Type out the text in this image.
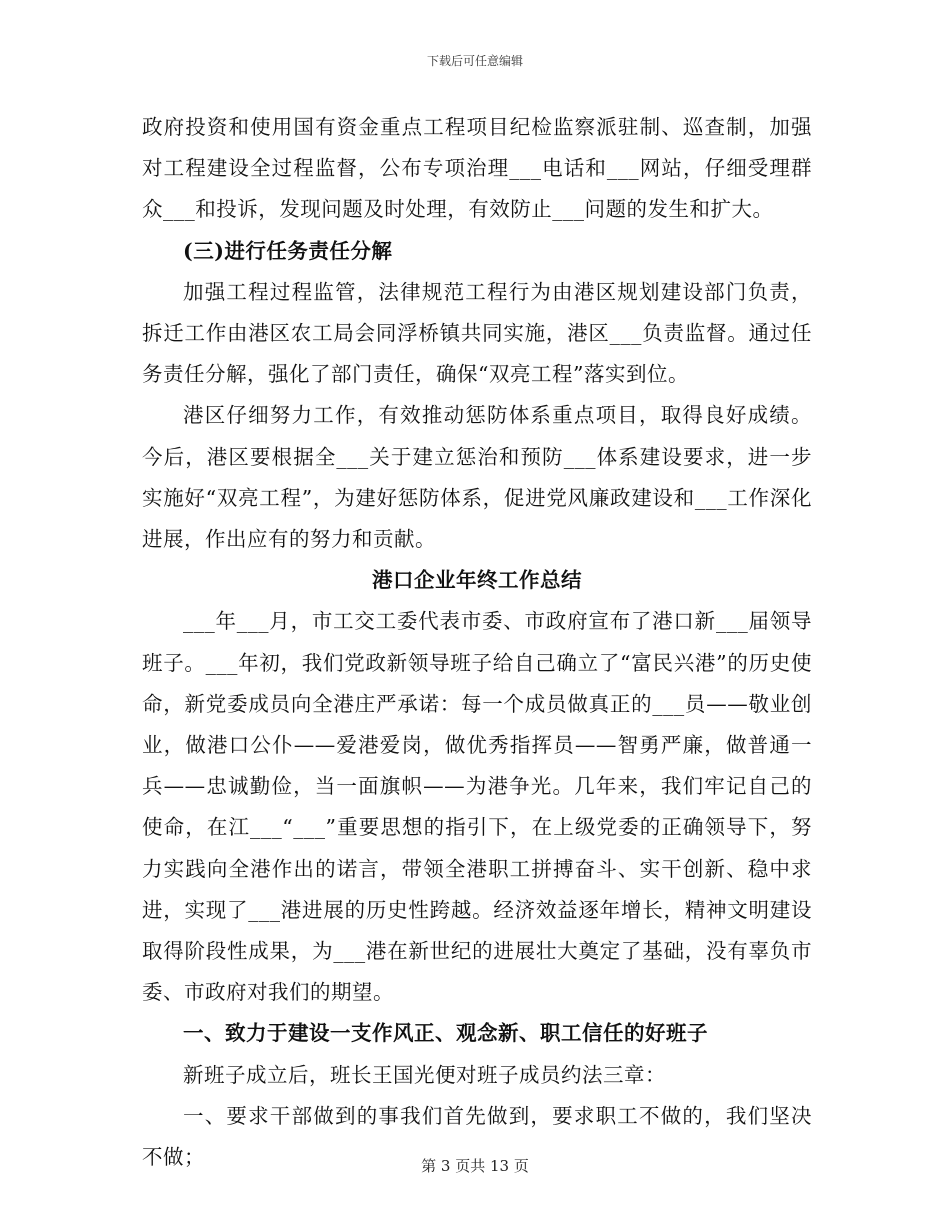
下载后可任意编辑

政府投资和使用国有资金重点工程项目纪检监察派驻制、巡查制，加强对工程建设全过程监督，公布专项治理___电话和___网站，仔细受理群众___和投诉，发现问题及时处理，有效防止___问题的发生和扩大。

(三)进行任务责任分解

加强工程过程监管，法律规范工程行为由港区规划建设部门负责，拆迁工作由港区农工局会同浮桥镇共同实施，港区___负责监督。通过任务责任分解，强化了部门责任，确保“双亮工程”落实到位。

港区仔细努力工作，有效推动惩防体系重点项目，取得良好成绩。今后，港区要根据全___关于建立惩治和预防___体系建设要求，进一步实施好“双亮工程”，为建好惩防体系，促进党风廉政建设和___工作深化进展，作出应有的努力和贡献。

港口企业年终工作总结

___年___月，市工交工委代表市委、市政府宣布了港口新___届领导班子。___年初，我们党政新领导班子给自己确立了“富民兴港”的历史使命，新党委成员向全港庄严承诺：每一个成员做真正的___员——敬业创业，做港口公仆——爱港爱岗，做优秀指挥员——智勇严廉，做普通一兵——忠诚勤俭，当一面旗帜——为港争光。几年来，我们牢记自己的使命，在江___“___”重要思想的指引下，在上级党委的正确领导下，努力实践向全港作出的诺言，带领全港职工拼搏奋斗、实干创新、稳中求进，实现了___港进展的历史性跨越。经济效益逐年增长，精神文明建设取得阶段性成果，为___港在新世纪的进展壮大奠定了基础，没有辜负市委、市政府对我们的期望。

一、致力于建设一支作风正、观念新、职工信任的好班子

新班子成立后，班长王国光便对班子成员约法三章：

一、要求干部做到的事我们首先做到，要求职工不做的，我们坚决不做；	第 3 页共 13 页
